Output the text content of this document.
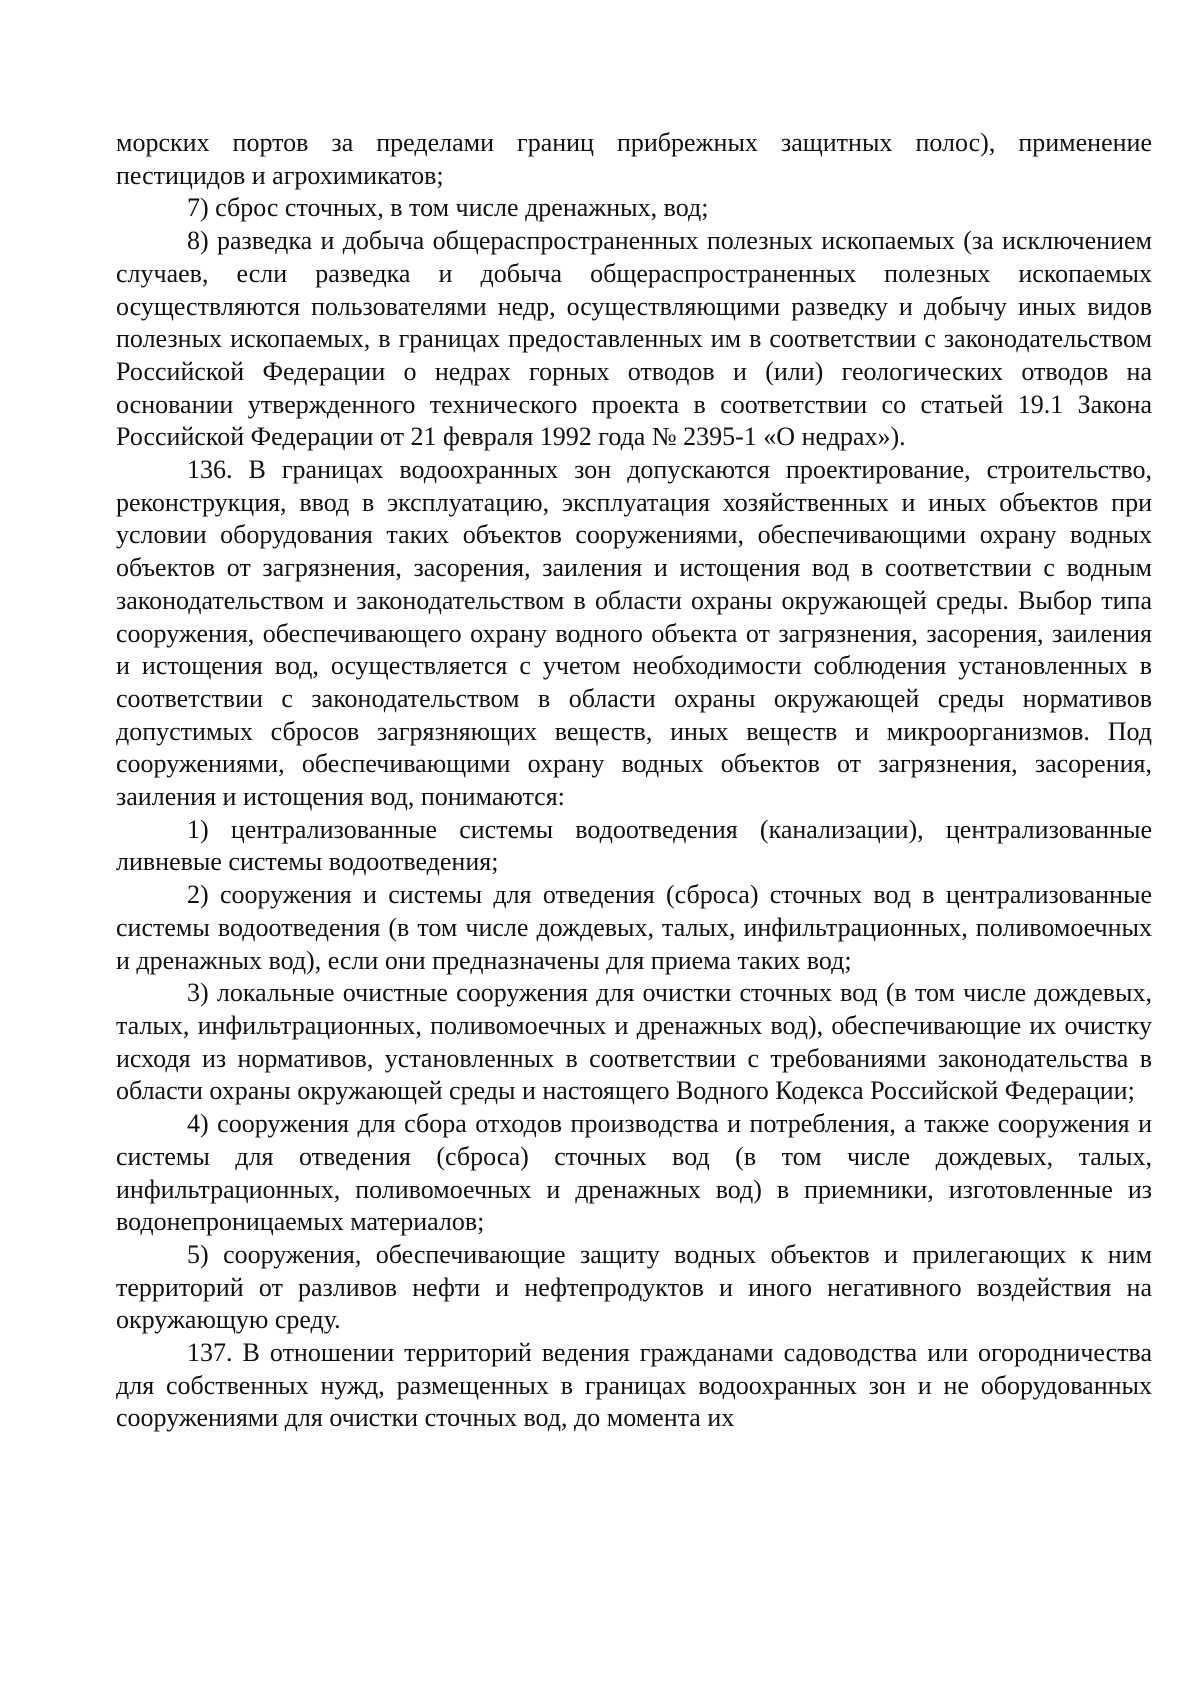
морских портов за пределами границ прибрежных защитных полос), применение пестицидов и агрохимикатов;

7) сброс сточных, в том числе дренажных, вод;

8) разведка и добыча общераспространенных полезных ископаемых (за исключением случаев, если разведка и добыча общераспространенных полезных ископаемых осуществляются пользователями недр, осуществляющими разведку и добычу иных видов полезных ископаемых, в границах предоставленных им в соответствии с законодательством Российской Федерации о недрах горных отводов и (или) геологических отводов на основании утвержденного технического проекта в соответствии со статьей 19.1 Закона Российской Федерации от 21 февраля 1992 года № 2395-1 «О недрах»).

136. В границах водоохранных зон допускаются проектирование, строительство, реконструкция, ввод в эксплуатацию, эксплуатация хозяйственных и иных объектов при условии оборудования таких объектов сооружениями, обеспечивающими охрану водных объектов от загрязнения, засорения, заиления и истощения вод в соответствии с водным законодательством и законодательством в области охраны окружающей среды. Выбор типа сооружения, обеспечивающего охрану водного объекта от загрязнения, засорения, заиления и истощения вод, осуществляется с учетом необходимости соблюдения установленных в соответствии с законодательством в области охраны окружающей среды нормативов допустимых сбросов загрязняющих веществ, иных веществ и микроорганизмов. Под сооружениями, обеспечивающими охрану водных объектов от загрязнения, засорения, заиления и истощения вод, понимаются:

1) централизованные системы водоотведения (канализации), централизованные ливневые системы водоотведения;

2) сооружения и системы для отведения (сброса) сточных вод в централизованные системы водоотведения (в том числе дождевых, талых, инфильтрационных, поливомоечных и дренажных вод), если они предназначены для приема таких вод;

3) локальные очистные сооружения для очистки сточных вод (в том числе дождевых, талых, инфильтрационных, поливомоечных и дренажных вод), обеспечивающие их очистку исходя из нормативов, установленных в соответствии с требованиями законодательства в области охраны окружающей среды и настоящего Водного Кодекса Российской Федерации;

4) сооружения для сбора отходов производства и потребления, а также сооружения и системы для отведения (сброса) сточных вод (в том числе дождевых, талых, инфильтрационных, поливомоечных и дренажных вод) в приемники, изготовленные из водонепроницаемых материалов;

5) сооружения, обеспечивающие защиту водных объектов и прилегающих к ним территорий от разливов нефти и нефтепродуктов и иного негативного воздействия на окружающую среду.

137. В отношении территорий ведения гражданами садоводства или огородничества для собственных нужд, размещенных в границах водоохранных зон и не оборудованных сооружениями для очистки сточных вод, до момента их
